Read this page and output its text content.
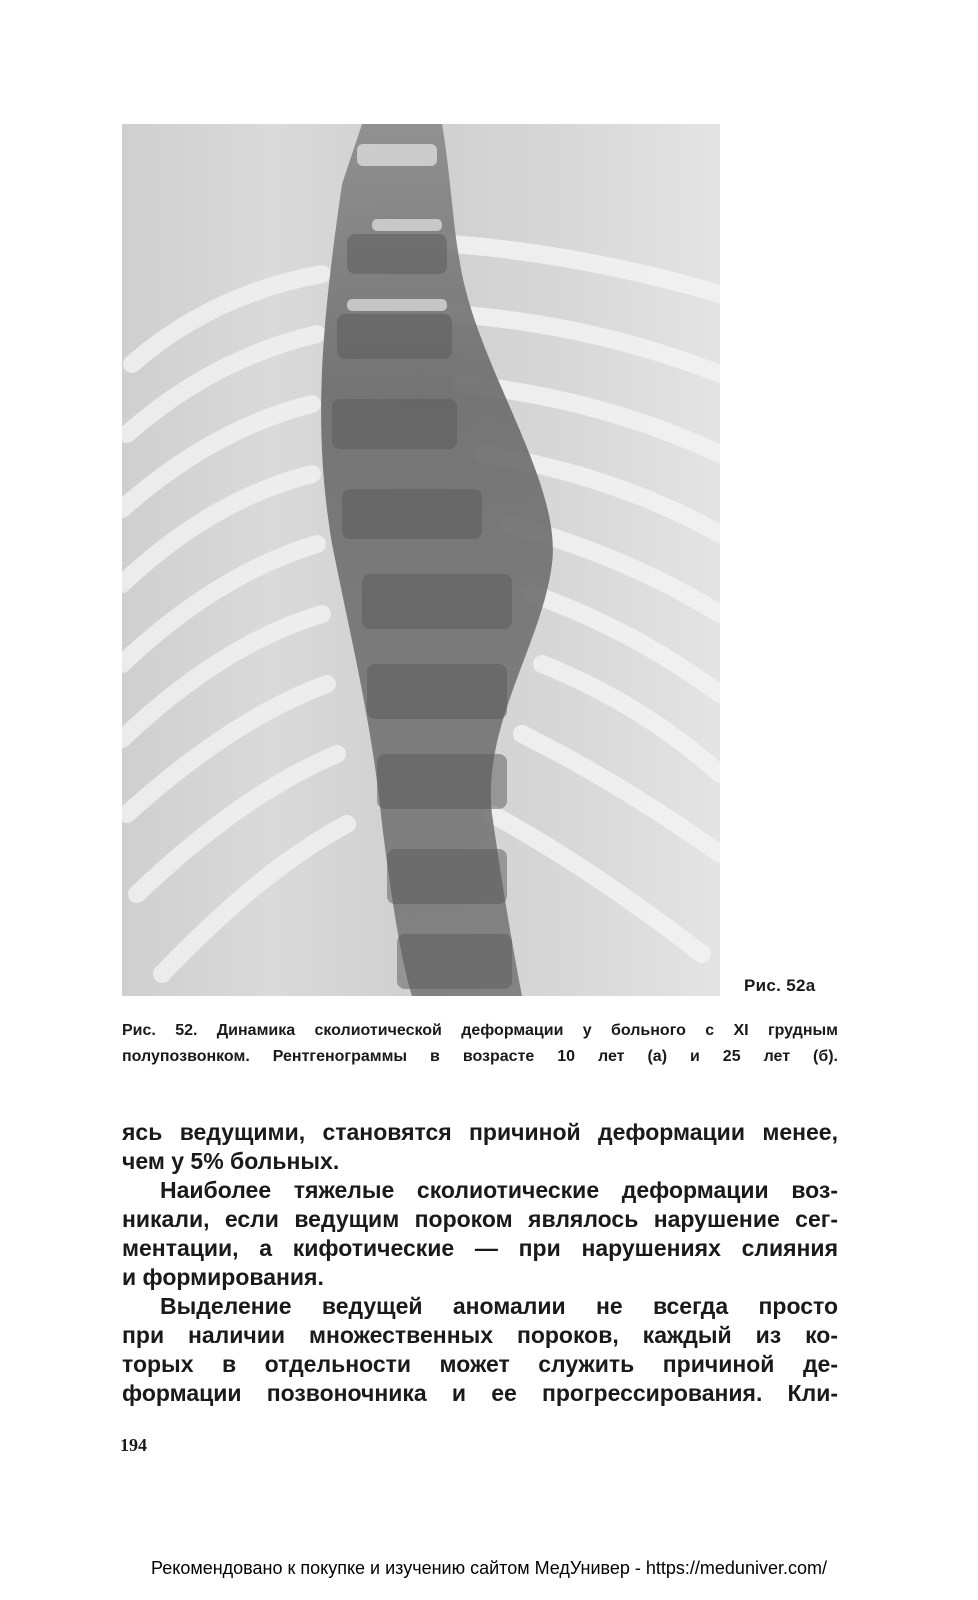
Рис. 52а
Рис. 52. Динамика сколиотической деформации у больного с XI грудным
полупозвонком. Рентгенограммы в возрасте 10 лет (а) и 25 лет (б).
ясь ведущими, становятся причиной деформации менее,
чем у 5% больных.
Наиболее тяжелые сколиотические деформации воз-
никали, если ведущим пороком являлось нарушение сег-
ментации, а кифотические — при нарушениях слияния
и формирования.
Выделение ведущей аномалии не всегда просто
при наличии множественных пороков, каждый из ко-
торых в отдельности может служить причиной де-
формации позвоночника и ее прогрессирования. Кли-
194
Рекомендовано к покупке и изучению сайтом МедУнивер - https://meduniver.com/
